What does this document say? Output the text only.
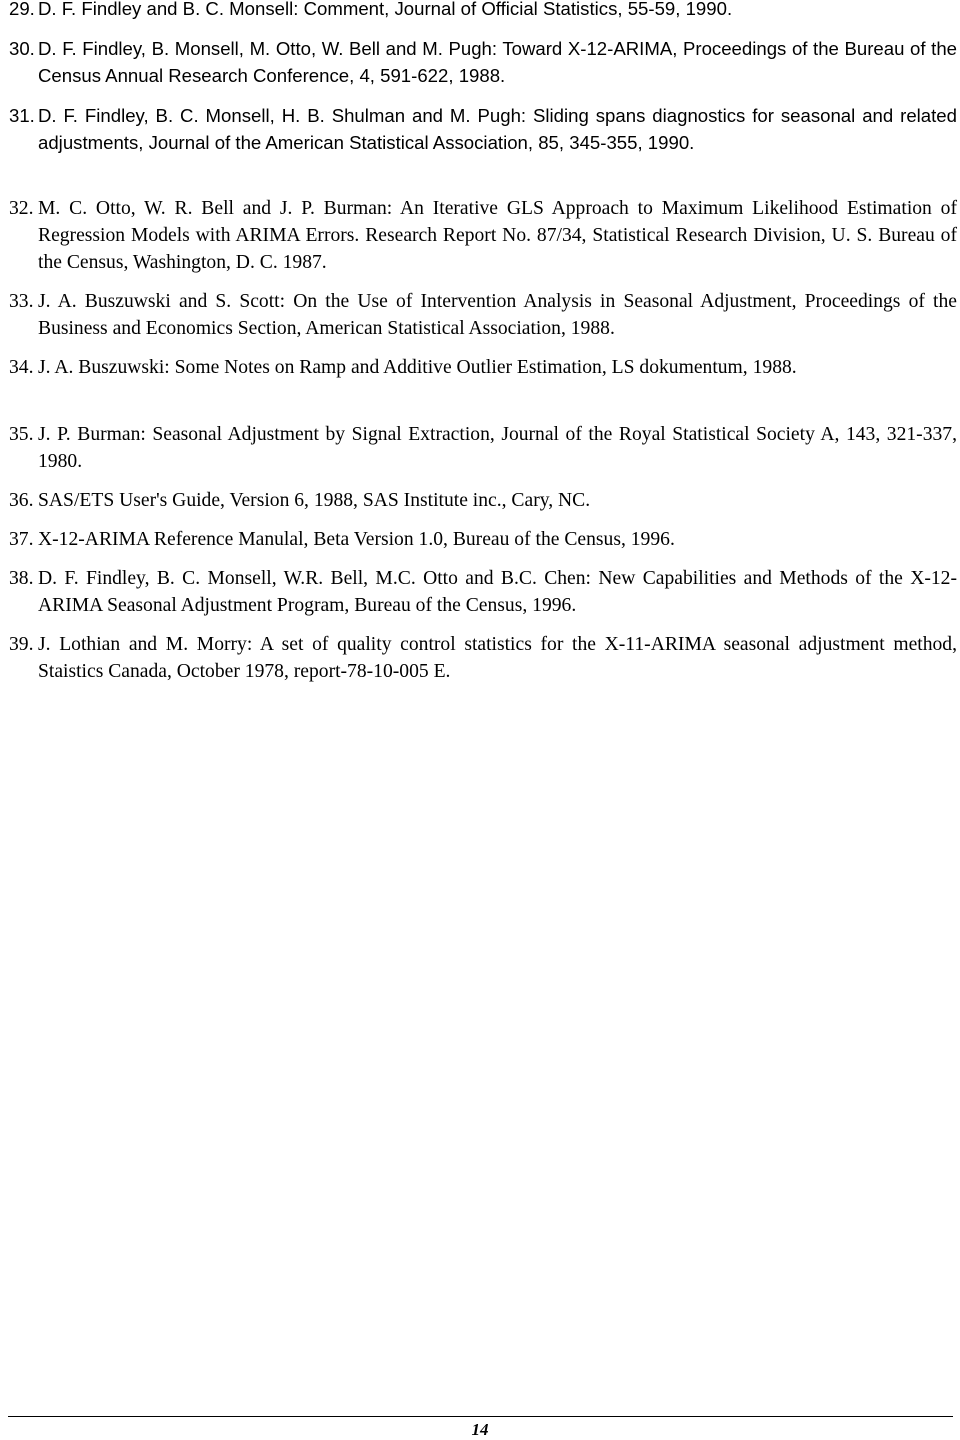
29. D. F. Findley and B. C. Monsell: Comment, Journal of Official Statistics, 55-59, 1990.
30. D. F. Findley, B. Monsell, M. Otto, W. Bell and M. Pugh: Toward X-12-ARIMA, Proceedings of the Bureau of the Census Annual Research Conference, 4, 591-622, 1988.
31. D. F. Findley, B. C. Monsell, H. B. Shulman and M. Pugh: Sliding spans diagnostics for seasonal and related adjustments, Journal of the American Statistical Association, 85, 345-355, 1990.
32. M. C. Otto, W. R. Bell and J. P. Burman: An Iterative GLS Approach to Maximum Likelihood Estimation of Regression Models with ARIMA Errors. Research Report No. 87/34, Statistical Research Division, U. S. Bureau of the Census, Washington, D. C. 1987.
33. J. A. Buszuwski and S. Scott: On the Use of Intervention Analysis in Seasonal Adjustment, Proceedings of the Business and Economics Section, American Statistical Association, 1988.
34. J. A. Buszuwski: Some Notes on Ramp and Additive Outlier Estimation, LS dokumentum, 1988.
35. J. P. Burman: Seasonal Adjustment by Signal Extraction, Journal of the Royal Statistical Society A, 143, 321-337, 1980.
36. SAS/ETS User's Guide, Version 6, 1988, SAS Institute inc., Cary, NC.
37. X-12-ARIMA Reference Manulal, Beta Version 1.0, Bureau of the Census, 1996.
38. D. F. Findley, B. C. Monsell, W.R. Bell, M.C. Otto and B.C. Chen: New Capabilities and Methods of the X-12-ARIMA Seasonal Adjustment Program, Bureau of the Census, 1996.
39. J. Lothian and M. Morry: A set of quality control statistics for the X-11-ARIMA seasonal adjustment method, Staistics Canada, October 1978, report-78-10-005 E.
14
